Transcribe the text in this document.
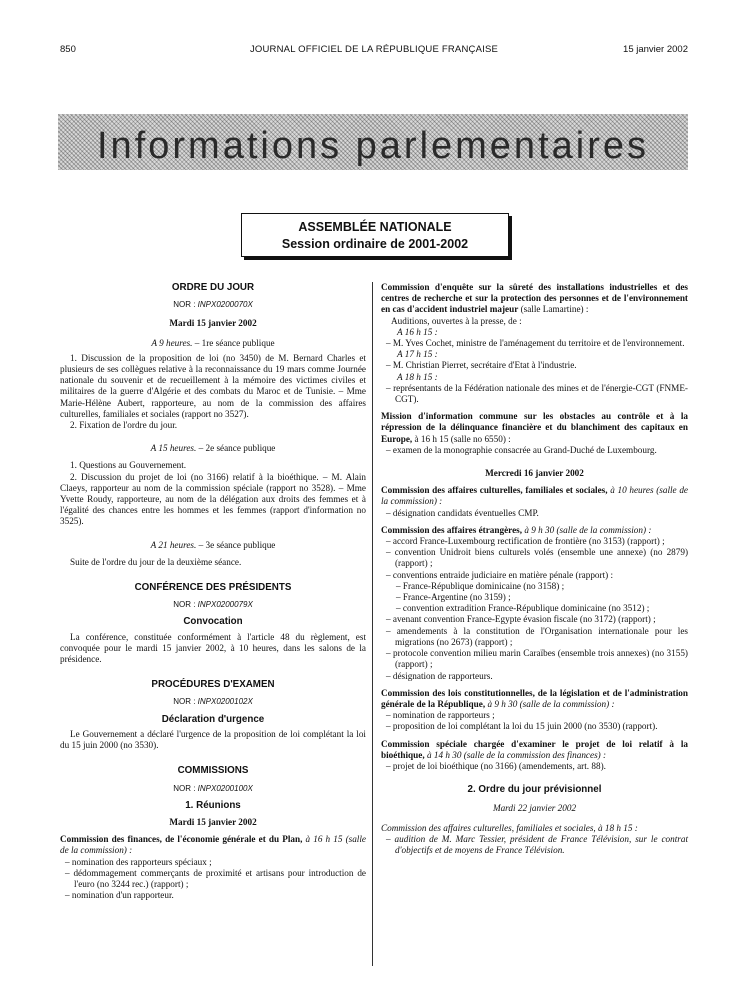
850	JOURNAL OFFICIEL DE LA RÉPUBLIQUE FRANÇAISE	15 janvier 2002
Informations parlementaires
ASSEMBLÉE NATIONALE
Session ordinaire de 2001-2002

ORDRE DU JOUR

NOR : INPX0200070X

Mardi 15 janvier 2002

A 9 heures. – 1re séance publique

1. Discussion de la proposition de loi (no 3450) de M. Bernard Charles et plusieurs de ses collègues relative à la reconnaissance du 19 mars comme Journée nationale du souvenir et de recueillement à la mémoire des victimes civiles et militaires de la guerre d'Algérie et des combats du Maroc et de Tunisie. – Mme Marie-Hélène Aubert, rapporteure, au nom de la commission des affaires culturelles, familiales et sociales (rapport no 3527).

2. Fixation de l'ordre du jour.

A 15 heures. – 2e séance publique

1. Questions au Gouvernement.

2. Discussion du projet de loi (no 3166) relatif à la bioéthique. – M. Alain Claeys, rapporteur au nom de la commission spéciale (rapport no 3528). – Mme Yvette Roudy, rapporteure, au nom de la délégation aux droits des femmes et à l'égalité des chances entre les hommes et les femmes (rapport d'information no 3525).

A 21 heures. – 3e séance publique

Suite de l'ordre du jour de la deuxième séance.

CONFÉRENCE DES PRÉSIDENTS

NOR : INPX0200079X

Convocation

La conférence, constituée conformément à l'article 48 du règlement, est convoquée pour le mardi 15 janvier 2002, à 10 heures, dans les salons de la présidence.

PROCÉDURES D'EXAMEN

NOR : INPX0200102X

Déclaration d'urgence

Le Gouvernement a déclaré l'urgence de la proposition de loi complétant la loi du 15 juin 2000 (no 3530).

COMMISSIONS

NOR : INPX0200100X

1. Réunions

Mardi 15 janvier 2002

Commission des finances, de l'économie générale et du Plan, à 16 h 15 (salle de la commission) :

– nomination des rapporteurs spéciaux ;

– dédommagement commerçants de proximité et artisans pour introduction de l'euro (no 3244 rec.) (rapport) ;

– nomination d'un rapporteur.

Commission d'enquête sur la sûreté des installations industrielles et des centres de recherche et sur la protection des personnes et de l'environnement en cas d'accident industriel majeur (salle Lamartine) :

Auditions, ouvertes à la presse, de :

A 16 h 15 :

– M. Yves Cochet, ministre de l'aménagement du territoire et de l'environnement.

A 17 h 15 :

– M. Christian Pierret, secrétaire d'Etat à l'industrie.

A 18 h 15 :

– représentants de la Fédération nationale des mines et de l'énergie-CGT (FNME-CGT).

Mission d'information commune sur les obstacles au contrôle et à la répression de la délinquance financière et du blanchiment des capitaux en Europe, à 16 h 15 (salle no 6550) :

– examen de la monographie consacrée au Grand-Duché de Luxembourg.

Mercredi 16 janvier 2002

Commission des affaires culturelles, familiales et sociales, à 10 heures (salle de la commission) :

– désignation candidats éventuelles CMP.

Commission des affaires étrangères, à 9 h 30 (salle de la commission) :

– accord France-Luxembourg rectification de frontière (no 3153) (rapport) ;

– convention Unidroit biens culturels volés (ensemble une annexe) (no 2879) (rapport) ;

– conventions entraide judiciaire en matière pénale (rapport) :

– France-République dominicaine (no 3158) ;

– France-Argentine (no 3159) ;

– convention extradition France-République dominicaine (no 3512) ;

– avenant convention France-Egypte évasion fiscale (no 3172) (rapport) ;

– amendements à la constitution de l'Organisation internationale pour les migrations (no 2673) (rapport) ;

– protocole convention milieu marin Caraïbes (ensemble trois annexes) (no 3155) (rapport) ;

– désignation de rapporteurs.

Commission des lois constitutionnelles, de la législation et de l'administration générale de la République, à 9 h 30 (salle de la commission) :

– nomination de rapporteurs ;

– proposition de loi complétant la loi du 15 juin 2000 (no 3530) (rapport).

Commission spéciale chargée d'examiner le projet de loi relatif à la bioéthique, à 14 h 30 (salle de la commission des finances) :

– projet de loi bioéthique (no 3166) (amendements, art. 88).

2. Ordre du jour prévisionnel

Mardi 22 janvier 2002

Commission des affaires culturelles, familiales et sociales, à 18 h 15 :

– audition de M. Marc Tessier, président de France Télévision, sur le contrat d'objectifs et de moyens de France Télévision.
